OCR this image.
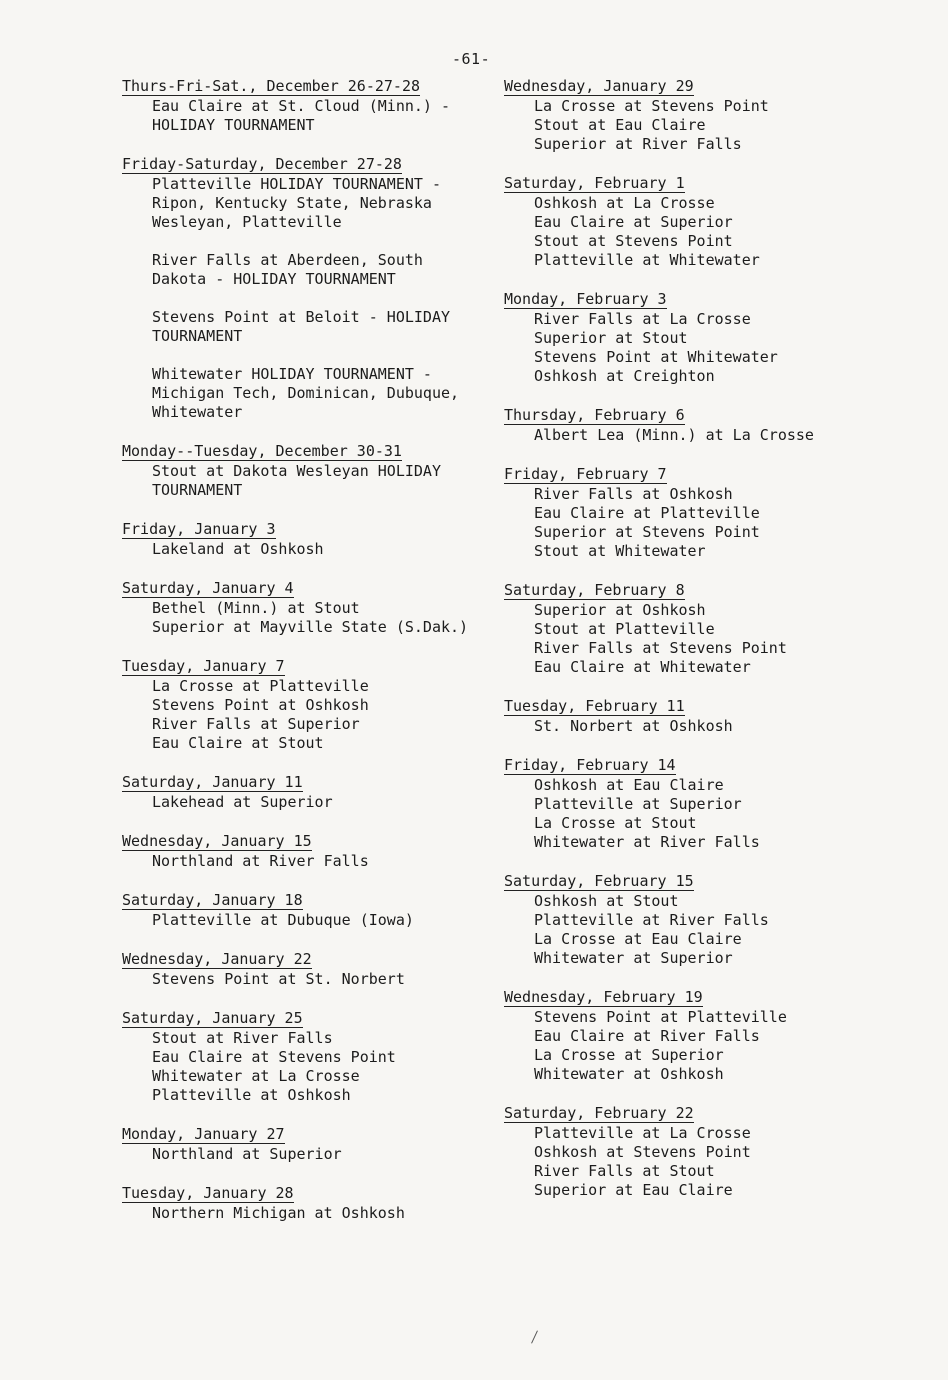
-61-
Thurs-Fri-Sat., December 26-27-28
Eau Claire at St. Cloud (Minn.) -
HOLIDAY TOURNAMENT
Friday-Saturday, December 27-28
Platteville HOLIDAY TOURNAMENT -
Ripon, Kentucky State, Nebraska
Wesleyan, Platteville
River Falls at Aberdeen, South
Dakota - HOLIDAY TOURNAMENT
Stevens Point at Beloit - HOLIDAY
TOURNAMENT
Whitewater HOLIDAY TOURNAMENT -
Michigan Tech, Dominican, Dubuque,
Whitewater
Monday--Tuesday, December 30-31
Stout at Dakota Wesleyan HOLIDAY
TOURNAMENT
Friday, January 3
Lakeland at Oshkosh
Saturday, January 4
Bethel (Minn.) at Stout
Superior at Mayville State (S.Dak.)
Tuesday, January 7
La Crosse at Platteville
Stevens Point at Oshkosh
River Falls at Superior
Eau Claire at Stout
Saturday, January 11
Lakehead at Superior
Wednesday, January 15
Northland at River Falls
Saturday, January 18
Platteville at Dubuque (Iowa)
Wednesday, January 22
Stevens Point at St. Norbert
Saturday, January 25
Stout at River Falls
Eau Claire at Stevens Point
Whitewater at La Crosse
Platteville at Oshkosh
Monday, January 27
Northland at Superior
Tuesday, January 28
Northern Michigan at Oshkosh
Wednesday, January 29
La Crosse at Stevens Point
Stout at Eau Claire
Superior at River Falls
Saturday, February 1
Oshkosh at La Crosse
Eau Claire at Superior
Stout at Stevens Point
Platteville at Whitewater
Monday, February 3
River Falls at La Crosse
Superior at Stout
Stevens Point at Whitewater
Oshkosh at Creighton
Thursday, February 6
Albert Lea (Minn.) at La Crosse
Friday, February 7
River Falls at Oshkosh
Eau Claire at Platteville
Superior at Stevens Point
Stout at Whitewater
Saturday, February 8
Superior at Oshkosh
Stout at Platteville
River Falls at Stevens Point
Eau Claire at Whitewater
Tuesday, February 11
St. Norbert at Oshkosh
Friday, February 14
Oshkosh at Eau Claire
Platteville at Superior
La Crosse at Stout
Whitewater at River Falls
Saturday, February 15
Oshkosh at Stout
Platteville at River Falls
La Crosse at Eau Claire
Whitewater at Superior
Wednesday, February 19
Stevens Point at Platteville
Eau Claire at River Falls
La Crosse at Superior
Whitewater at Oshkosh
Saturday, February 22
Platteville at La Crosse
Oshkosh at Stevens Point
River Falls at Stout
Superior at Eau Claire
